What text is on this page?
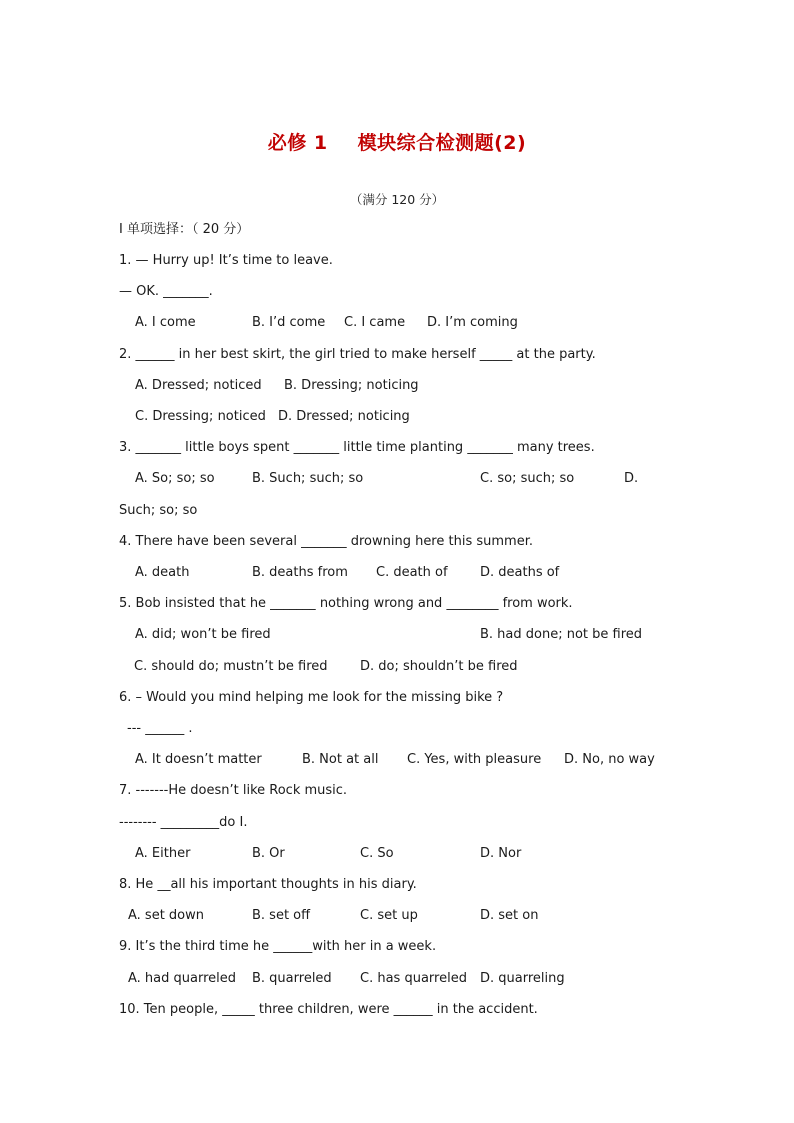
必修 1 模块综合检测题(2)
（满分 120 分）
I 单项选择：（ 20 分）
1. — Hurry up! It’s time to leave.
— OK. _______.
A. I come	B. I’d come C. I came D. I’m coming
2. ______ in her best skirt, the girl tried to make herself _____ at the party.
A. Dressed; noticed B. Dressing; noticing
C. Dressing; noticed D. Dressed; noticing
3. _______ little boys spent _______ little time planting _______ many trees.
A. So; so; so	B. Such; such; so	C. so; such; so	D.
Such; so; so
4. There have been several _______ drowning here this summer.
A. death	B. deaths from C. death of D. deaths of
5. Bob insisted that he _______ nothing wrong and ________ from work.
A. did; won’t be fired	B. had done; not be fired
C. should do; mustn’t be fired D. do; shouldn’t be fired
6. – Would you mind helping me look for the missing bike ?
--- ______ .
A. It doesn’t matter	B. Not at all C. Yes, with pleasure D. No, no way
7. -------He doesn’t like Rock music.
-------- _________do I.
A. Either	B. Or	C. So	D. Nor
8. He __all his important thoughts in his diary.
A. set down	B. set off	C. set up	D. set on
9. It’s the third time he ______with her in a week.
A. had quarreled B. quarreled C. has quarreled D. quarreling
10. Ten people, _____ three children, were ______ in the accident.
